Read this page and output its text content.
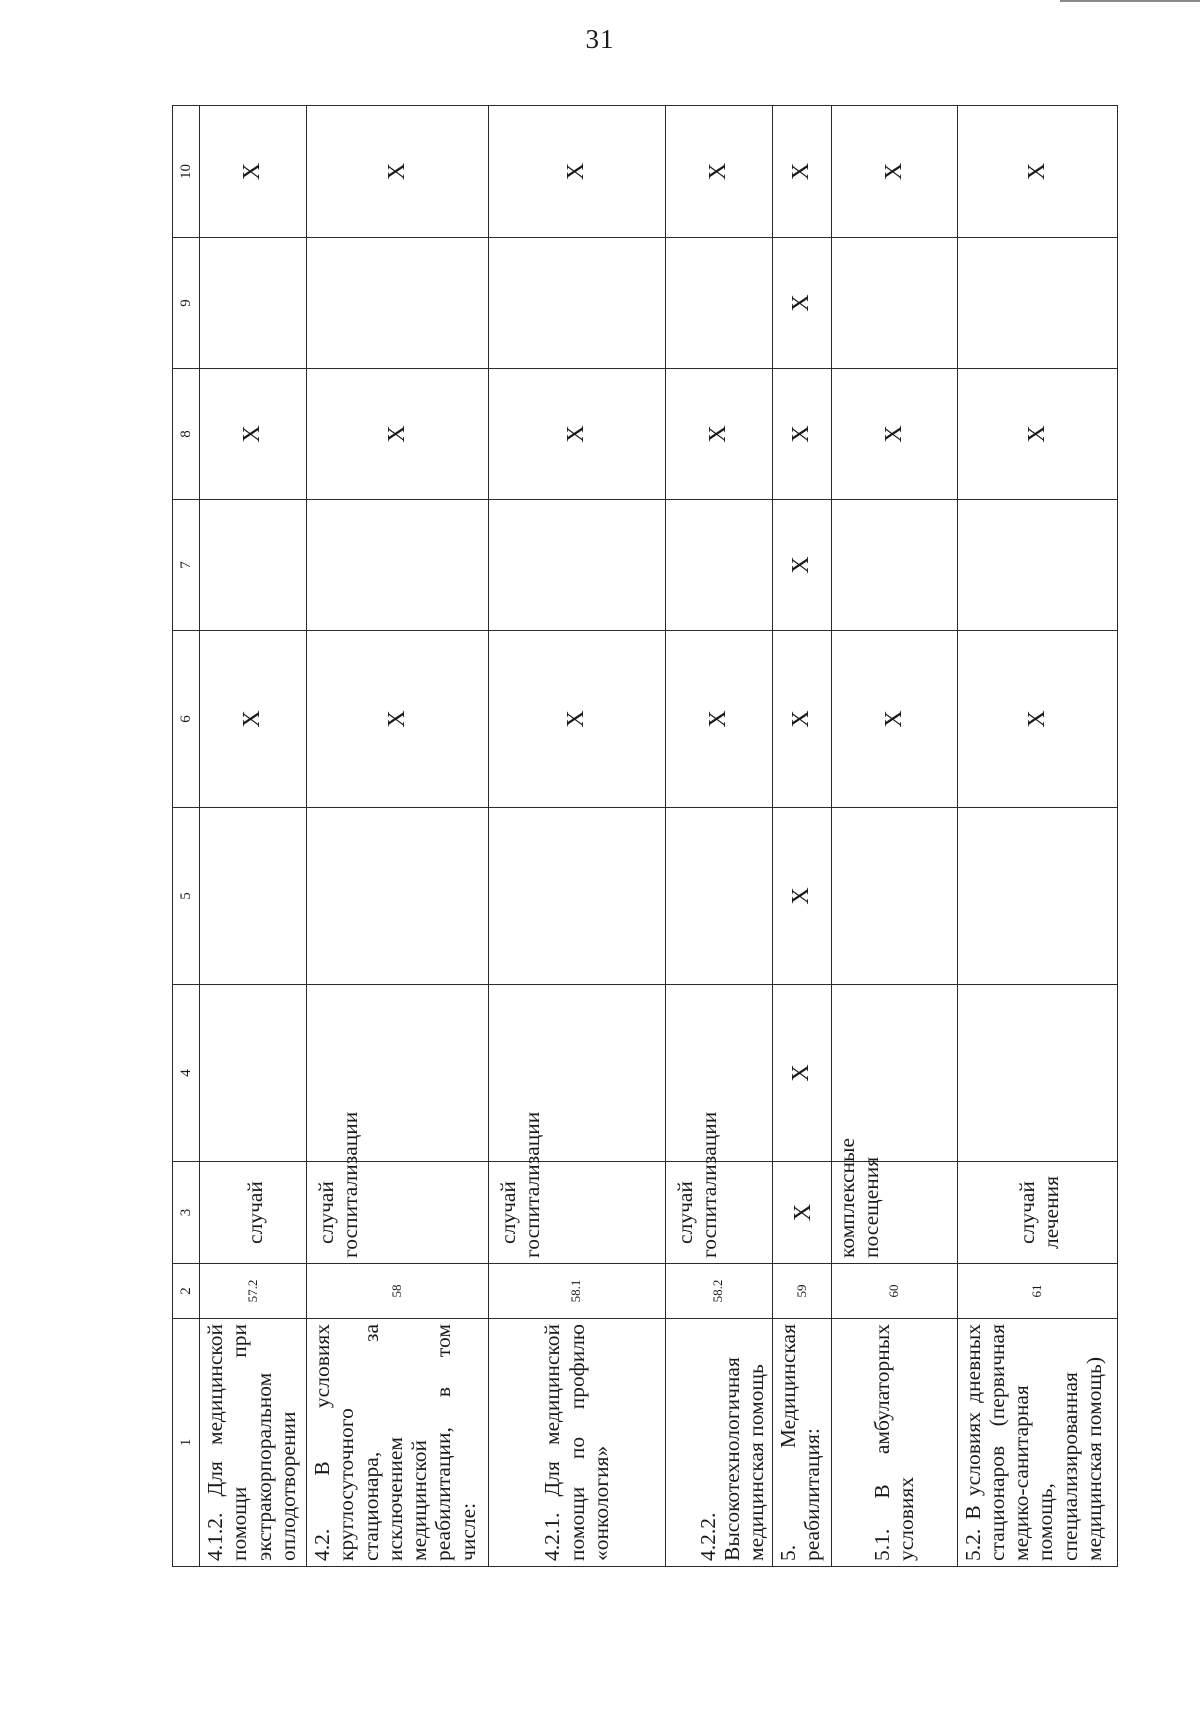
31
1	2	3	4	5	6	7	8	9	10
4.1.2. Для медицинской помощи при экстракорпоральном оплодотворении	57.2	случай			X		X		X
4.2. В условиях круглосуточного стационара, за исключением медицинской реабилитации, в том числе:	58	случай госпитализации			X		X		X
4.2.1. Для медицинской помощи по профилю «онкология»	58.1	случай госпитализации			X		X		X
4.2.2. Высокотехнологичная медицинская помощь	58.2	случай госпитализации			X		X		X
5. Медицинская реабилитация:	59	X	X	X	X	X	X	X	X
5.1. В амбулаторных условиях	60	комплексные посещения			X		X		X
5.2. В условиях дневных стационаров (первичная медико-санитарная помощь, специализированная медицинская помощь)	61	случай лечения			X		X		X
